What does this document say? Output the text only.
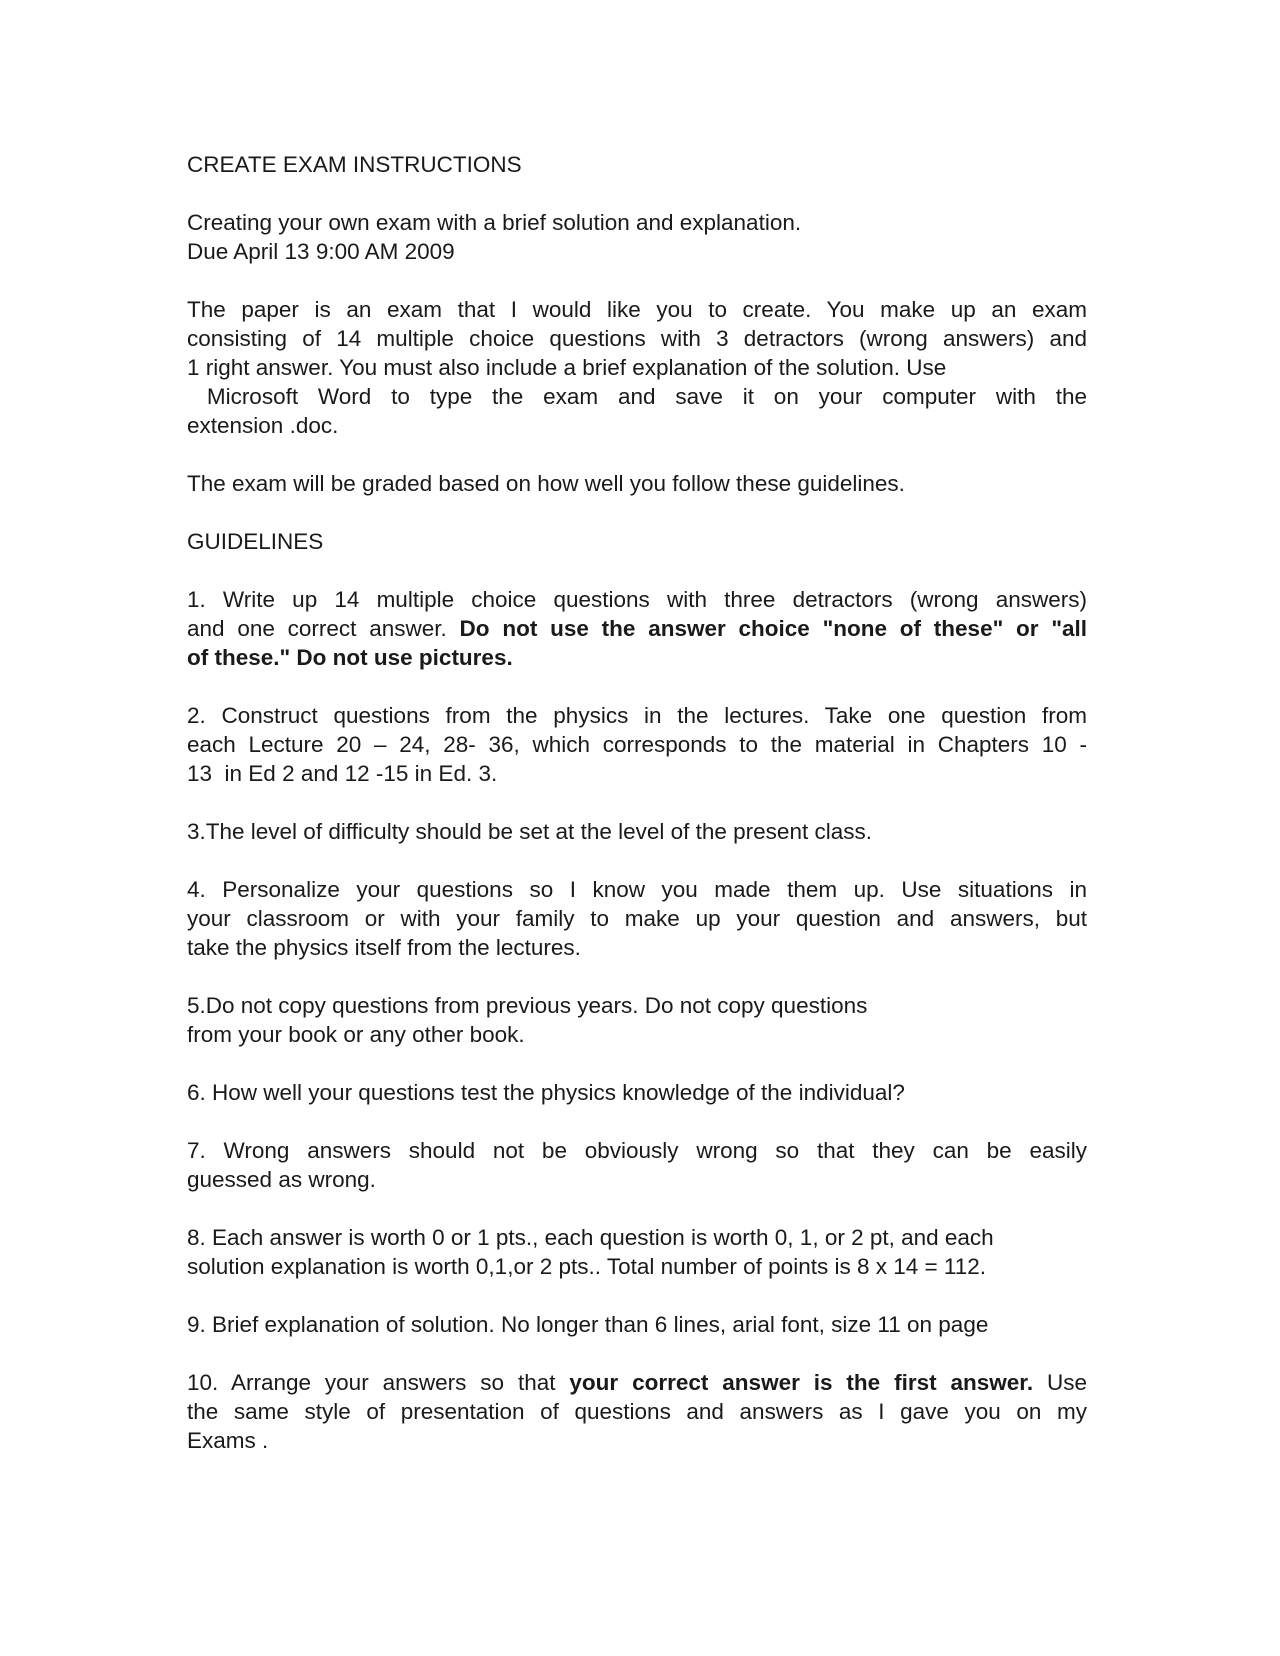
CREATE EXAM INSTRUCTIONS
Creating your own exam with a brief solution and explanation.
Due April 13 9:00 AM 2009
The paper is an exam that I would like you to create. You make up an exam
consisting of 14 multiple choice questions with 3 detractors (wrong answers) and
1 right answer. You must also include a brief explanation of the solution. Use
Microsoft Word to type the exam and save it on your computer with the
extension .doc.
The exam will be graded based on how well you follow these guidelines.
GUIDELINES
1. Write up 14 multiple choice questions with three detractors (wrong answers)
and one correct answer. Do not use the answer choice "none of these" or "all
of these." Do not use pictures.
2. Construct questions from the physics in the lectures. Take one question from
each Lecture 20 – 24, 28- 36, which corresponds to the material in Chapters 10 -
13  in Ed 2 and 12 -15 in Ed. 3.
3.The level of difficulty should be set at the level of the present class.
4. Personalize your questions so I know you made them up. Use situations in
your classroom or with your family to make up your question and answers, but
take the physics itself from the lectures.
5.Do not copy questions from previous years. Do not copy questions
from your book or any other book.
6. How well your questions test the physics knowledge of the individual?
7. Wrong answers should not be obviously wrong so that they can be easily
guessed as wrong.
8. Each answer is worth 0 or 1 pts., each question is worth 0, 1, or 2 pt, and each
solution explanation is worth 0,1,or 2 pts.. Total number of points is 8 x 14 = 112.
9. Brief explanation of solution. No longer than 6 lines, arial font, size 11 on page
10. Arrange your answers so that your correct answer is the first answer. Use
the same style of presentation of questions and answers as I gave you on my
Exams .
